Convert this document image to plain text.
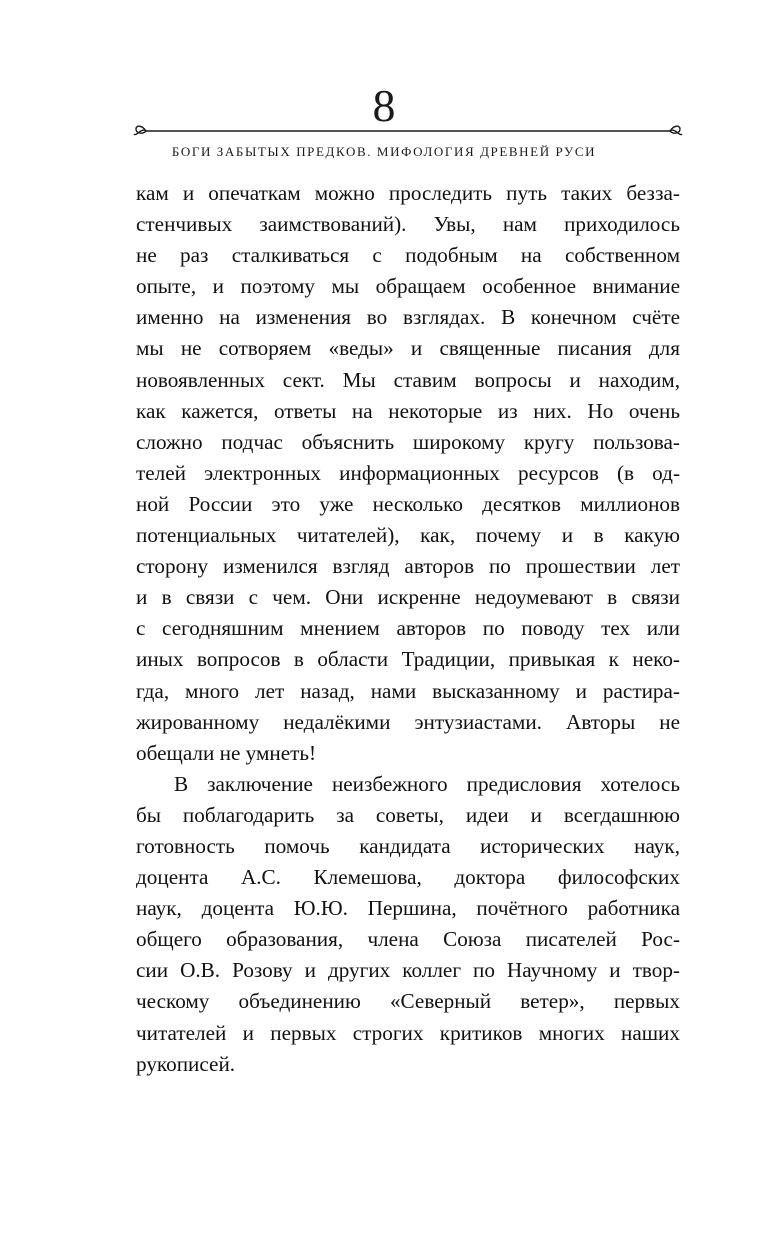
8
БОГИ ЗАБЫТЫХ ПРЕДКОВ. МИФОЛОГИЯ ДРЕВНЕЙ РУСИ
кам и опечаткам можно проследить путь таких безза-
стенчивых заимствований). Увы, нам приходилось
не раз сталкиваться с подобным на собственном
опыте, и поэтому мы обращаем особенное внимание
именно на изменения во взглядах. В конечном счёте
мы не сотворяем «веды» и священные писания для
новоявленных сект. Мы ставим вопросы и находим,
как кажется, ответы на некоторые из них. Но очень
сложно подчас объяснить широкому кругу пользова-
телей электронных информационных ресурсов (в од-
ной России это уже несколько десятков миллионов
потенциальных читателей), как, почему и в какую
сторону изменился взгляд авторов по прошествии лет
и в связи с чем. Они искренне недоумевают в связи
с сегодняшним мнением авторов по поводу тех или
иных вопросов в области Традиции, привыкая к неко-
гда, много лет назад, нами высказанному и растира-
жированному недалёкими энтузиастами. Авторы не
обещали не умнеть!
В заключение неизбежного предисловия хотелось
бы поблагодарить за советы, идеи и всегдашнюю
готовность помочь кандидата исторических наук,
доцента А.С. Клемешова, доктора философских
наук, доцента Ю.Ю. Першина, почётного работника
общего образования, члена Союза писателей Рос-
сии О.В. Розову и других коллег по Научному и твор-
ческому объединению «Северный ветер», первых
читателей и первых строгих критиков многих наших
рукописей.
